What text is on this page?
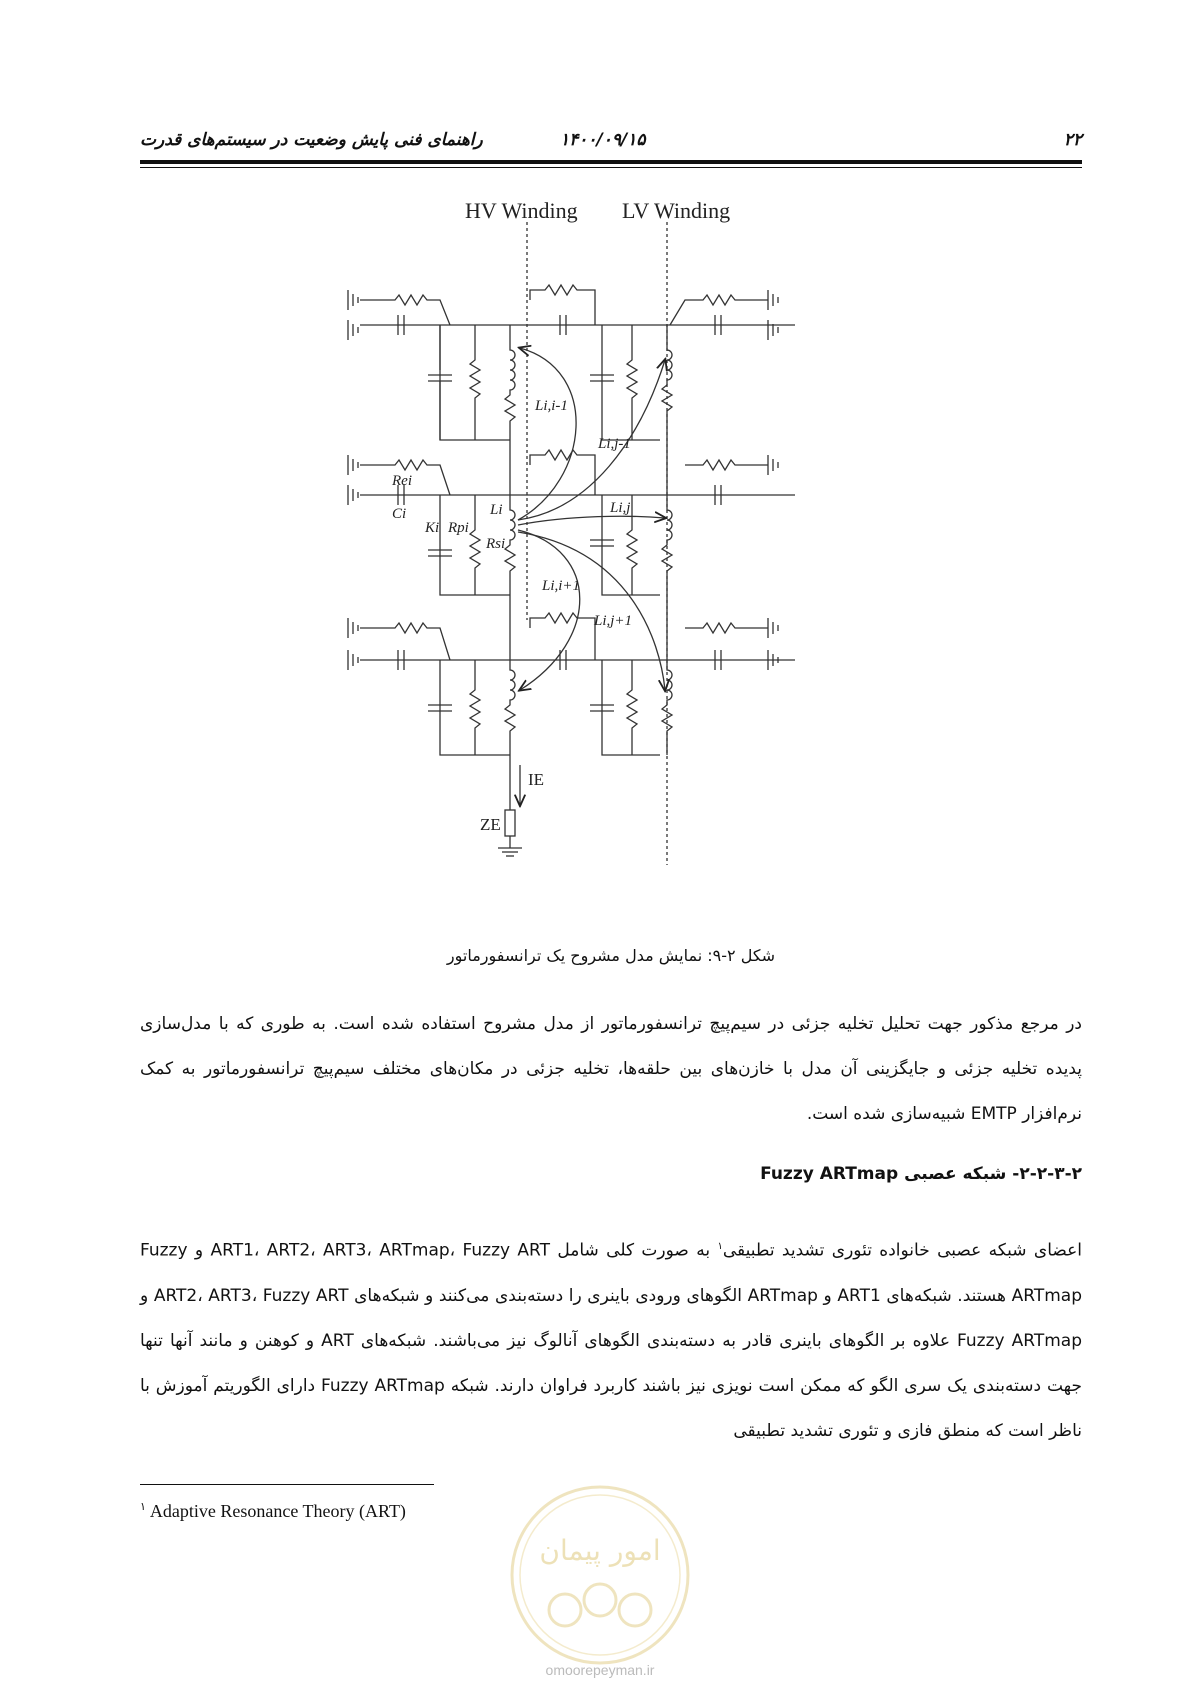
۲۲
۱۴۰۰/۰۹/۱۵
راهنمای فنی پایش وضعیت در سیستم‌های قدرت
HV Winding LV Winding
Li,i-1
Li,j-1
Rei
Ci
Ki Rpi
Li
Rsi
Li,j
Li,i+1
Li,j+1
IE
ZE
شکل ۲-۹: نمایش مدل مشروح یک ترانسفورماتور

در مرجع مذکور جهت تحلیل تخلیه جزئی در سیم‌پیچ ترانسفورماتور از مدل مشروح استفاده شده است. به طوری که با مدل‌سازی پدیده تخلیه جزئی و جایگزینی آن مدل با خازن‌های بین حلقه‌ها، تخلیه جزئی در مکان‌های مختلف سیم‌پیچ ترانسفورماتور به کمک نرم‌افزار EMTP شبیه‌سازی شده است.

۲-۲-۳-۲- شبکه عصبی Fuzzy ARTmap

اعضای شبکه عصبی خانواده تئوری تشدید تطبیقی$^۱$ به صورت کلی شامل ART1، ART2، ART3، ARTmap، Fuzzy ART و Fuzzy ARTmap هستند. شبکه‌های ART1 و ARTmap الگوهای ورودی باینری را دسته‌بندی می‌کنند و شبکه‌های ART2، ART3، Fuzzy ART و Fuzzy ARTmap علاوه بر الگوهای باینری قادر به دسته‌بندی الگوهای آنالوگ نیز می‌باشند. شبکه‌های ART و کوهنن و مانند آنها تنها جهت دسته‌بندی یک سری الگو که ممکن است نویزی نیز باشند کاربرد فراوان دارند. شبکه Fuzzy ARTmap دارای الگوریتم آموزش با ناظر است که منطق فازی و تئوری تشدید تطبیقی

$^۱$ Adaptive Resonance Theory (ART)
امور پیمان
omoorepeyman.ir
